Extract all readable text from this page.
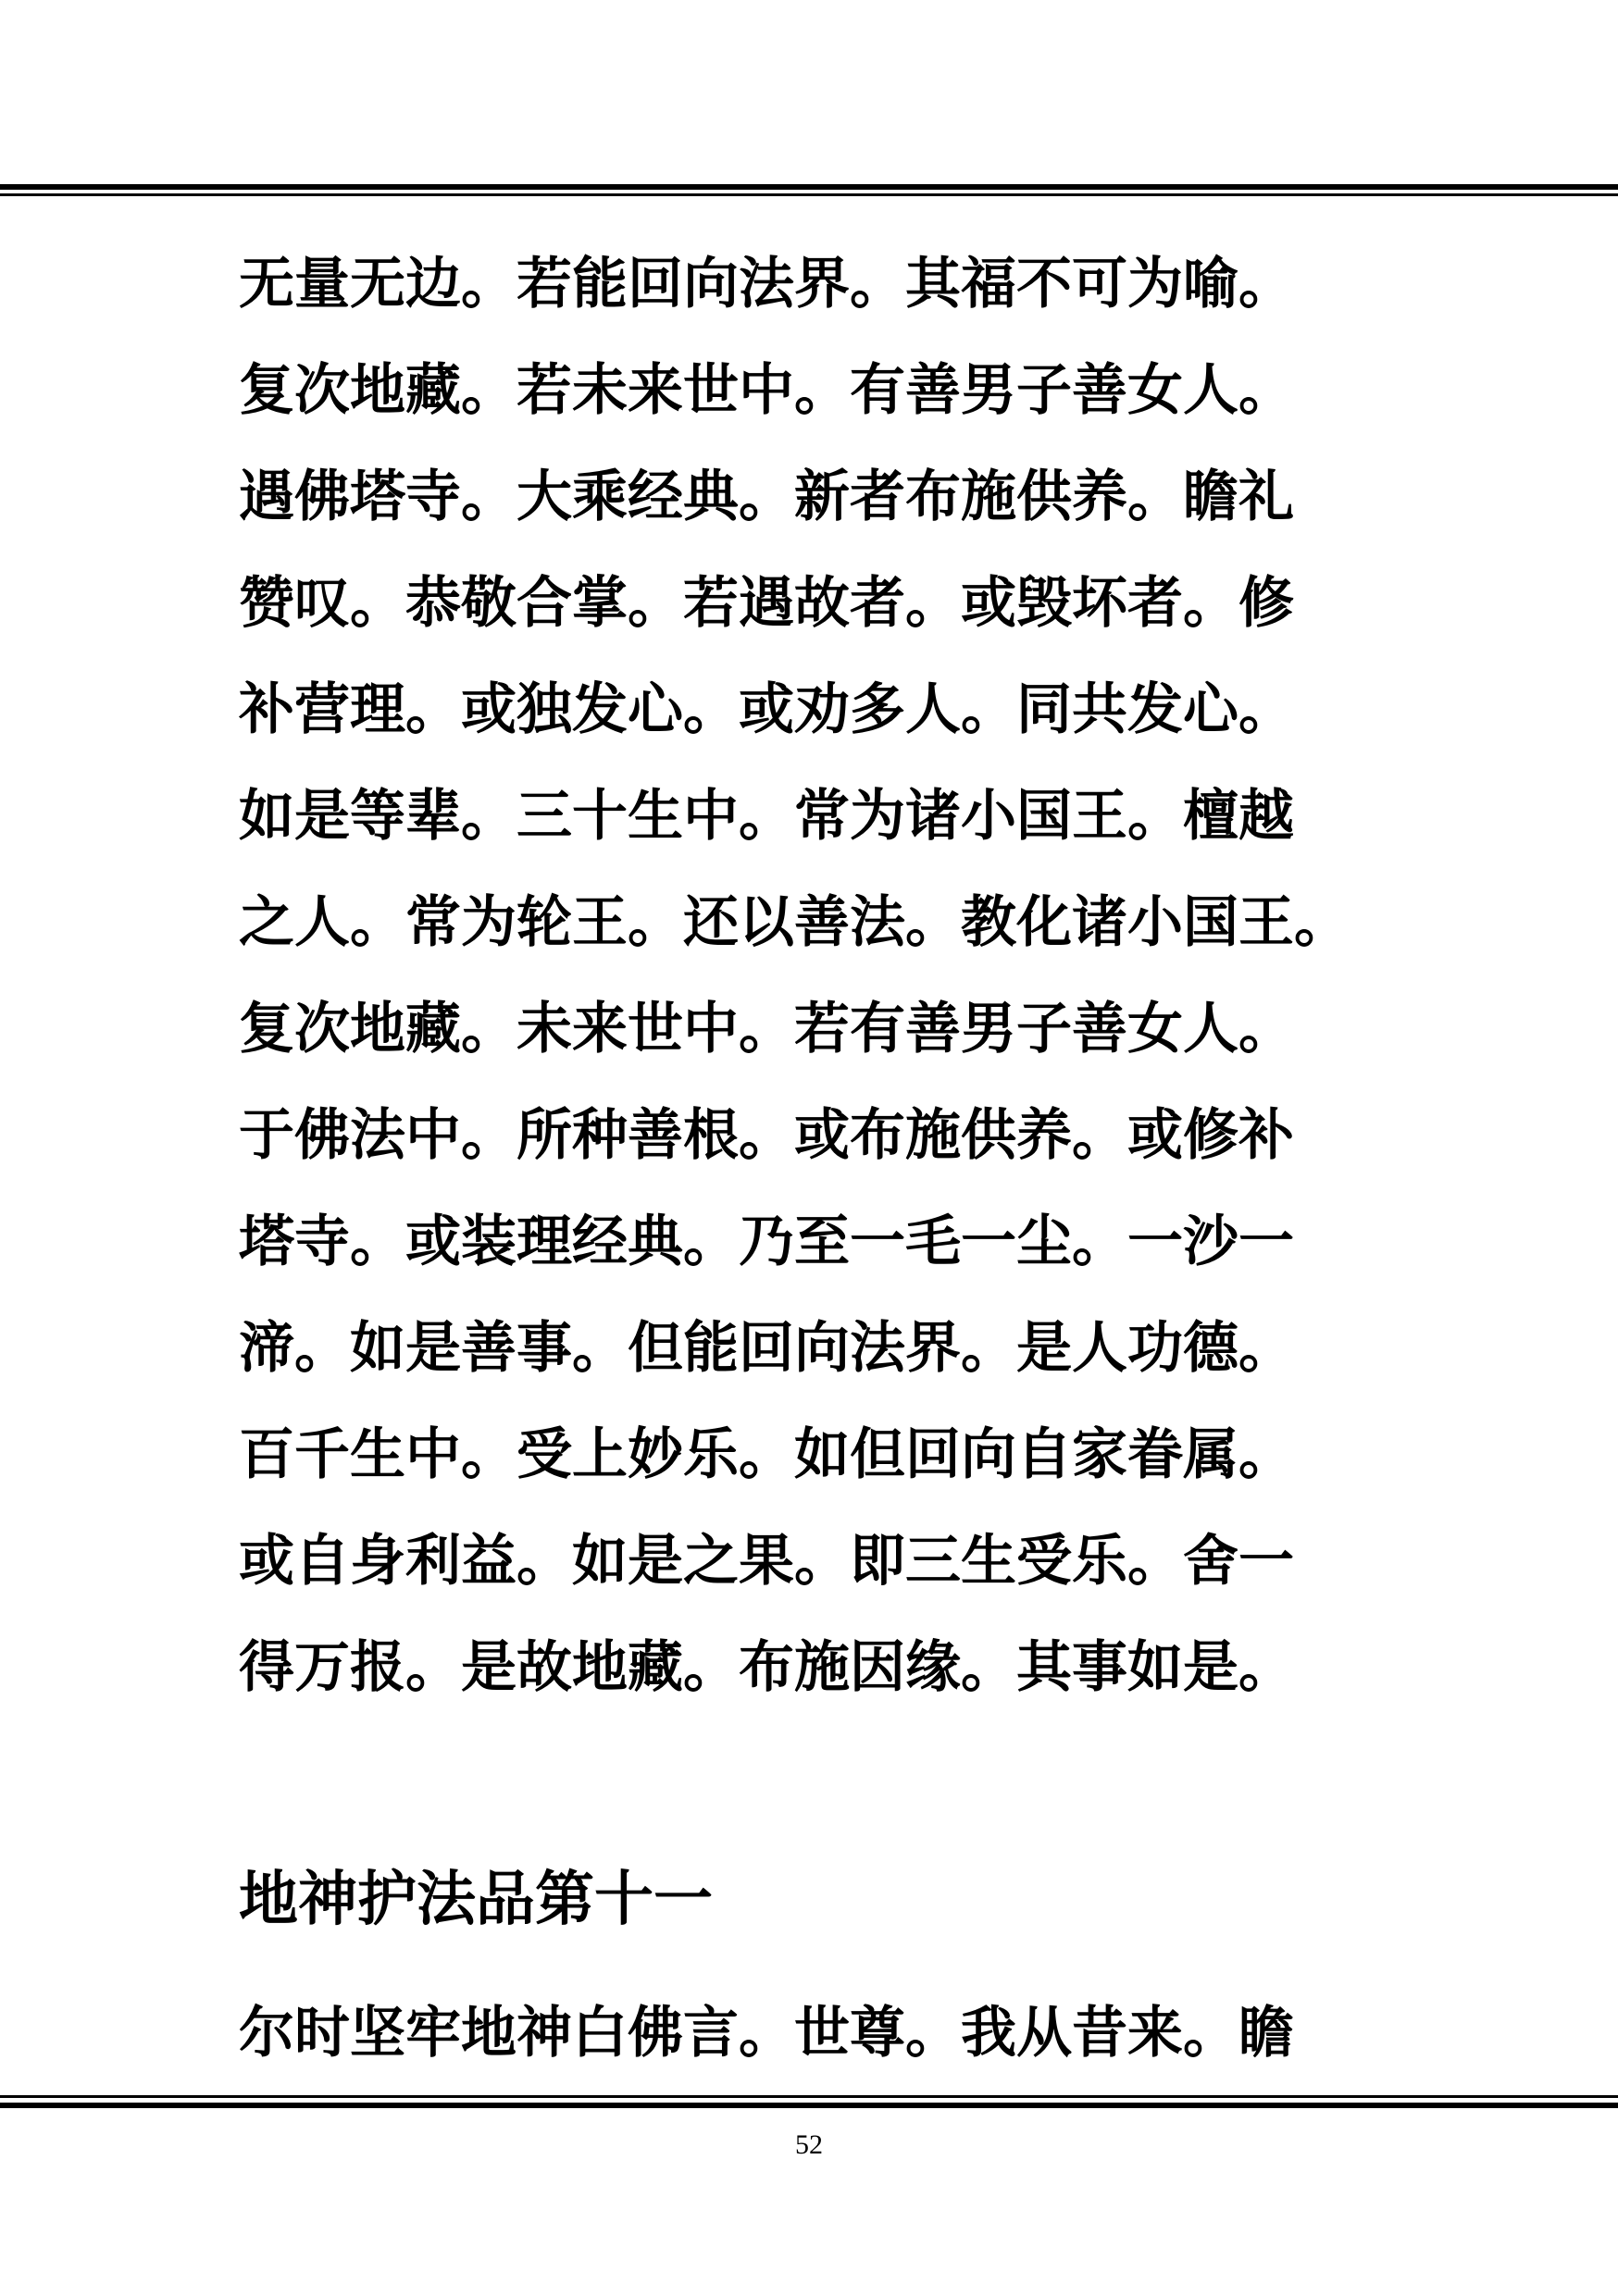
无量无边。若能回向法界。其福不可为喻。
复次地藏。若未来世中。有善男子善女人。
遇佛塔寺。大乘经典。新者布施供养。瞻礼
赞叹。恭敬合掌。若遇故者。或毁坏者。修
补营理。或独发心。或劝多人。同共发心。
如是等辈。三十生中。常为诸小国王。檀越
之人。常为轮王。还以善法。教化诸小国王。
复次地藏。未来世中。若有善男子善女人。
于佛法中。所种善根。或布施供养。或修补
塔寺。或装理经典。乃至一毛一尘。一沙一
渧。如是善事。但能回向法界。是人功德。
百千生中。受上妙乐。如但回向自家眷属。
或自身利益。如是之果。即三生受乐。舍一
得万报。是故地藏。布施因缘。其事如是。
地神护法品第十一
尔时坚牢地神白佛言。世尊。我从昔来。瞻
52
